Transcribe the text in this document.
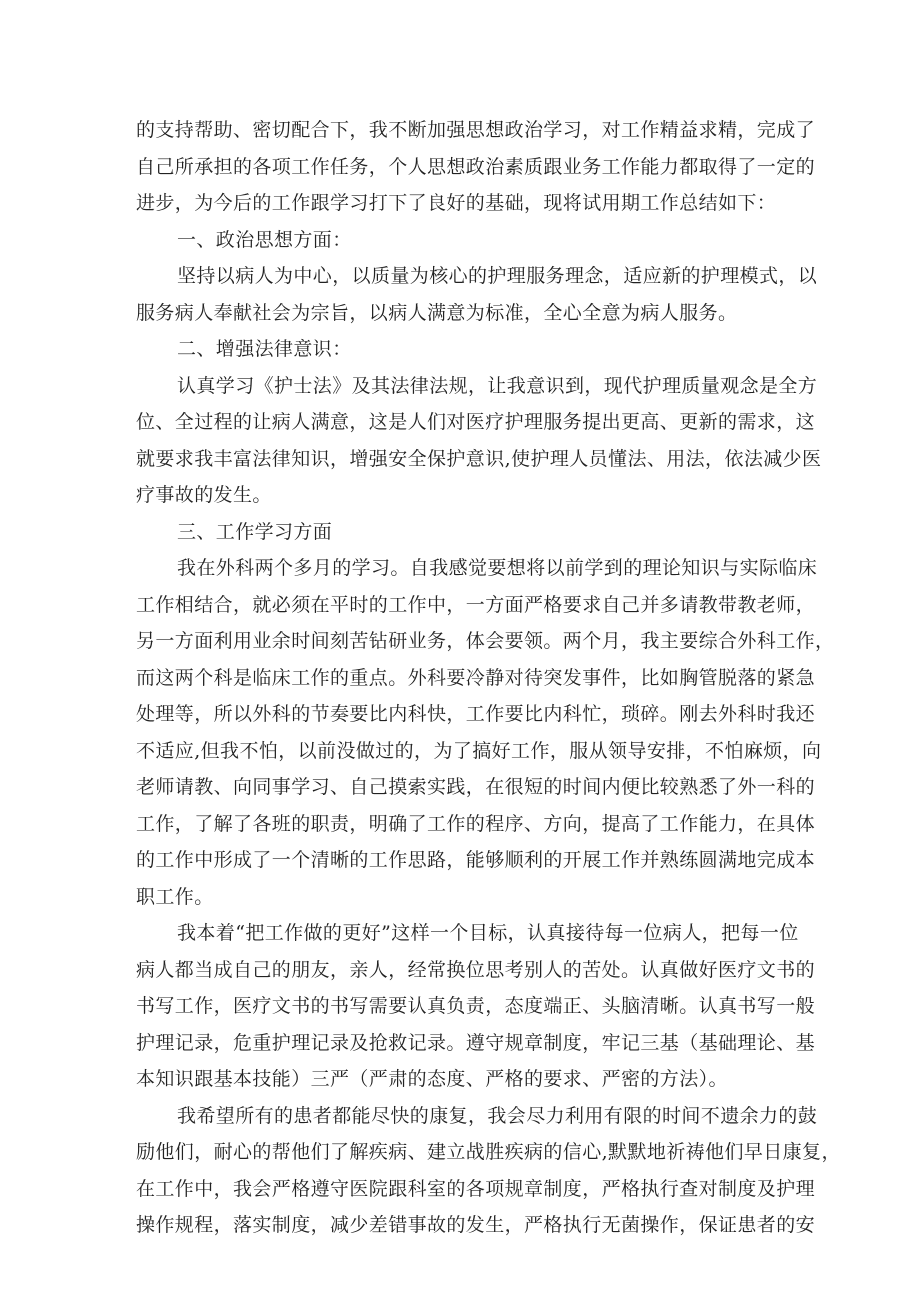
的支持帮助、密切配合下，我不断加强思想政治学习，对工作精益求精，完成了
自己所承担的各项工作任务，个人思想政治素质跟业务工作能力都取得了一定的
进步，为今后的工作跟学习打下了良好的基础，现将试用期工作总结如下：
一、政治思想方面：
坚持以病人为中心，以质量为核心的护理服务理念，适应新的护理模式，以
服务病人奉献社会为宗旨，以病人满意为标准，全心全意为病人服务。
二、增强法律意识：
认真学习《护士法》及其法律法规，让我意识到，现代护理质量观念是全方
位、全过程的让病人满意，这是人们对医疗护理服务提出更高、更新的需求，这
就要求我丰富法律知识，增强安全保护意识,使护理人员懂法、用法，依法减少医
疗事故的发生。
三、工作学习方面
我在外科两个多月的学习。自我感觉要想将以前学到的理论知识与实际临床
工作相结合，就必须在平时的工作中，一方面严格要求自己并多请教带教老师，
另一方面利用业余时间刻苦钻研业务，体会要领。两个月，我主要综合外科工作，
而这两个科是临床工作的重点。外科要冷静对待突发事件，比如胸管脱落的紧急
处理等，所以外科的节奏要比内科快，工作要比内科忙，琐碎。刚去外科时我还
不适应,但我不怕，以前没做过的，为了搞好工作，服从领导安排，不怕麻烦，向
老师请教、向同事学习、自己摸索实践，在很短的时间内便比较熟悉了外一科的
工作，了解了各班的职责，明确了工作的程序、方向，提高了工作能力，在具体
的工作中形成了一个清晰的工作思路，能够顺利的开展工作并熟练圆满地完成本
职工作。
我本着“把工作做的更好”这样一个目标，认真接待每一位病人，把每一位
病人都当成自己的朋友，亲人，经常换位思考别人的苦处。认真做好医疗文书的
书写工作，医疗文书的书写需要认真负责，态度端正、头脑清晰。认真书写一般
护理记录，危重护理记录及抢救记录。遵守规章制度，牢记三基（基础理论、基
本知识跟基本技能）三严（严肃的态度、严格的要求、严密的方法）。
我希望所有的患者都能尽快的康复，我会尽力利用有限的时间不遗余力的鼓
励他们，耐心的帮他们了解疾病、建立战胜疾病的信心,默默地祈祷他们早日康复，
在工作中，我会严格遵守医院跟科室的各项规章制度，严格执行查对制度及护理
操作规程，落实制度，减少差错事故的发生，严格执行无菌操作，保证患者的安
